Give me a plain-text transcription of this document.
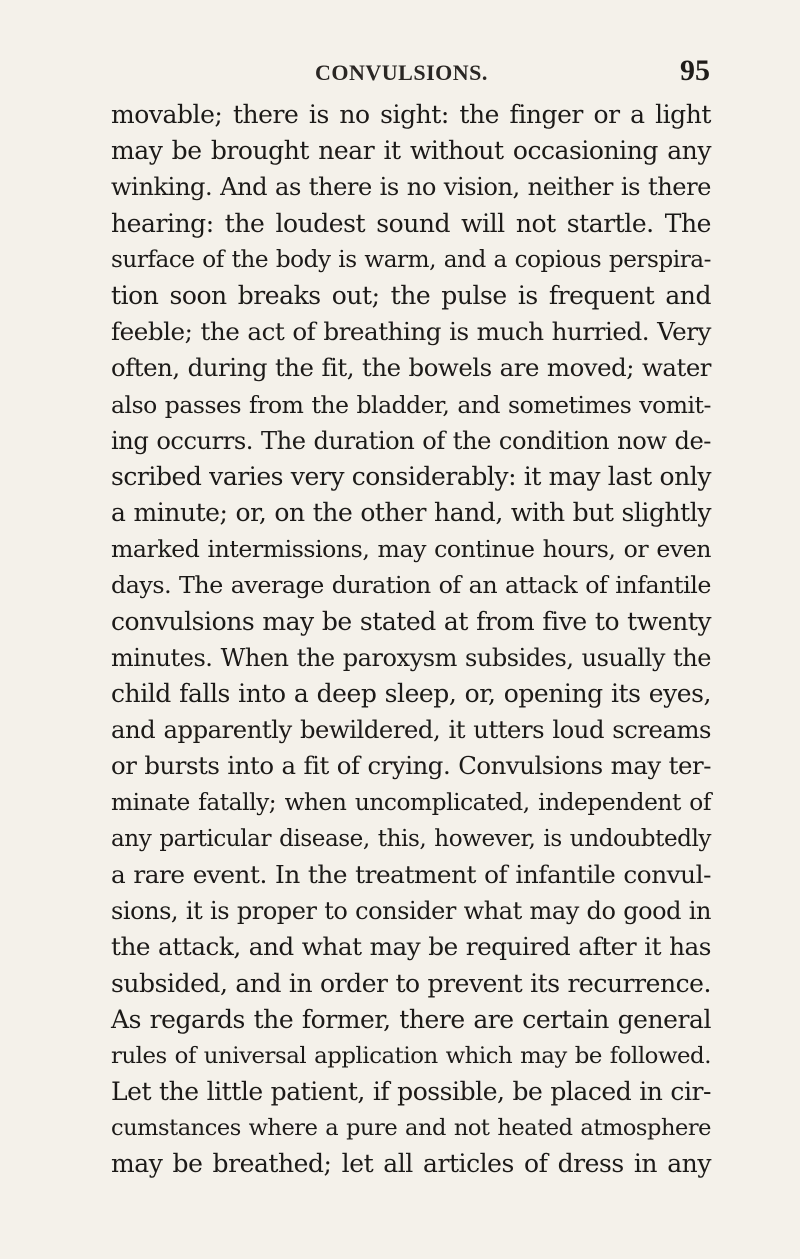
CONVULSIONS.	95
movable; there is no sight: the finger or a light
may be brought near it without occasioning any
winking. And as there is no vision, neither is there
hearing: the loudest sound will not startle. The
surface of the body is warm, and a copious perspira-
tion soon breaks out; the pulse is frequent and
feeble; the act of breathing is much hurried. Very
often, during the fit, the bowels are moved; water
also passes from the bladder, and sometimes vomit-
ing occurrs. The duration of the condition now de-
scribed varies very considerably: it may last only
a minute; or, on the other hand, with but slightly
marked intermissions, may continue hours, or even
days. The average duration of an attack of infantile
convulsions may be stated at from five to twenty
minutes. When the paroxysm subsides, usually the
child falls into a deep sleep, or, opening its eyes,
and apparently bewildered, it utters loud screams
or bursts into a fit of crying. Convulsions may ter-
minate fatally; when uncomplicated, independent of
any particular disease, this, however, is undoubtedly
a rare event. In the treatment of infantile convul-
sions, it is proper to consider what may do good in
the attack, and what may be required after it has
subsided, and in order to prevent its recurrence.
As regards the former, there are certain general
rules of universal application which may be followed.
Let the little patient, if possible, be placed in cir-
cumstances where a pure and not heated atmosphere
may be breathed; let all articles of dress in any
